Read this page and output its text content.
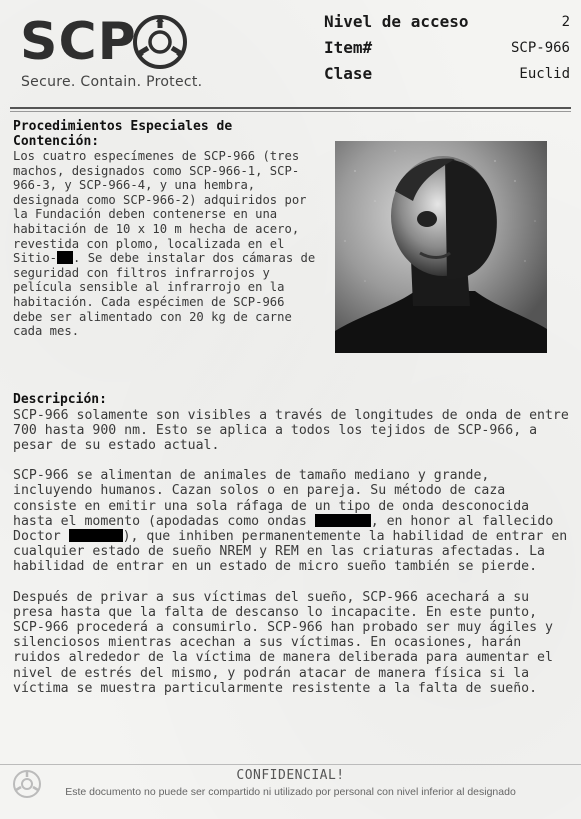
SCP
Secure. Contain. Protect.
Nivel de acceso	2
Item#	SCP-966
Clase	Euclid
Procedimientos Especiales de Contención:
Los cuatro especímenes de SCP-966 (tres machos, designados como SCP-966-1, SCP-966-3, y SCP-966-4, y una hembra, designada como SCP-966-2) adquiridos por la Fundación deben contenerse en una habitación de 10 x 10 m hecha de acero, revestida con plomo, localizada en el Sitio- . Se debe instalar dos cámaras de seguridad con filtros infrarrojos y película sensible al infrarrojo en la habitación. Cada espécimen de SCP-966 debe ser alimentado con 20 kg de carne cada mes.
Descripción:
SCP-966 solamente son visibles a través de longitudes de onda de entre 700 hasta 900 nm. Esto se aplica a todos los tejidos de SCP-966, a pesar de su estado actual.
SCP-966 se alimentan de animales de tamaño mediano y grande, incluyendo humanos. Cazan solos o en pareja. Su método de caza consiste en emitir una sola ráfaga de un tipo de onda desconocida hasta el momento (apodadas como ondas	, en honor al fallecido Doctor	), que inhiben permanentemente la habilidad de entrar en cualquier estado de sueño NREM y REM en las criaturas afectadas. La habilidad de entrar en un estado de micro sueño también se pierde.
Después de privar a sus víctimas del sueño, SCP-966 acechará a su presa hasta que la falta de descanso lo incapacite. En este punto, SCP-966 procederá a consumirlo. SCP-966 han probado ser muy ágiles y silenciosos mientras acechan a sus víctimas. En ocasiones, harán ruidos alrededor de la víctima de manera deliberada para aumentar el nivel de estrés del mismo, y podrán atacar de manera física si la víctima se muestra particularmente resistente a la falta de sueño.
CONFIDENCIAL!
Este documento no puede ser compartido ni utilizado por personal con nivel inferior al designado
